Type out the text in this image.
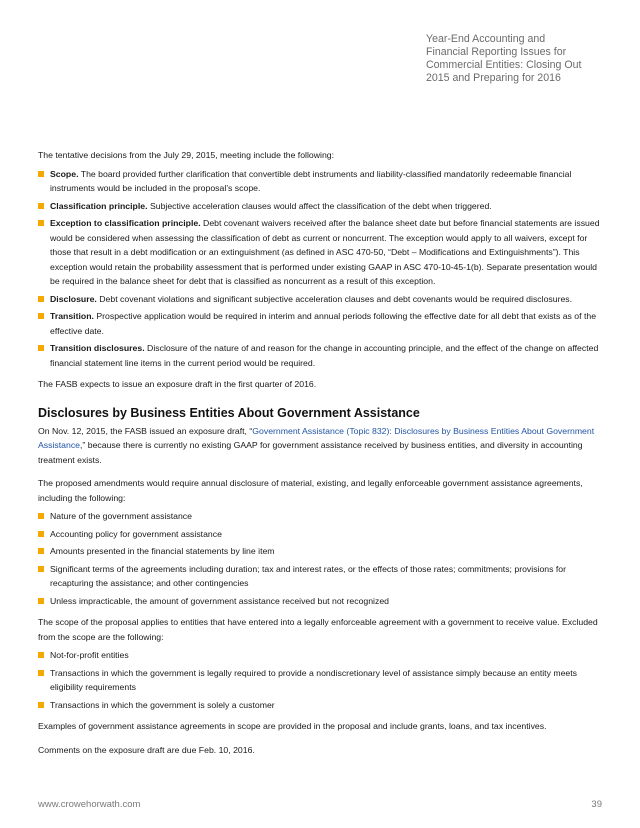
Year-End Accounting and
Financial Reporting Issues for
Commercial Entities: Closing Out
2015 and Preparing for 2016

The tentative decisions from the July 29, 2015, meeting include the following:

Scope. The board provided further clarification that convertible debt instruments and liability-classified mandatorily redeemable financial instruments would be included in the proposal’s scope.
Classification principle. Subjective acceleration clauses would affect the classification of the debt when triggered.
Exception to classification principle. Debt covenant waivers received after the balance sheet date but before financial statements are issued would be considered when assessing the classification of debt as current or noncurrent. The exception would apply to all waivers, except for those that result in a debt modification or an extinguishment (as defined in ASC 470-50, “Debt – Modifications and Extinguishments”). This exception would retain the probability assessment that is performed under existing GAAP in ASC 470-10-45-1(b). Separate presentation would be required in the balance sheet for debt that is classified as noncurrent as a result of this exception.
Disclosure. Debt covenant violations and significant subjective acceleration clauses and debt covenants would be required disclosures.
Transition. Prospective application would be required in interim and annual periods following the effective date for all debt that exists as of the effective date.
Transition disclosures. Disclosure of the nature of and reason for the change in accounting principle, and the effect of the change on affected financial statement line items in the current period would be required.

The FASB expects to issue an exposure draft in the first quarter of 2016.

Disclosures by Business Entities About Government Assistance

On Nov. 12, 2015, the FASB issued an exposure draft, “Government Assistance (Topic 832): Disclosures by Business Entities About Government Assistance,” because there is currently no existing GAAP for government assistance received by business entities, and diversity in accounting treatment exists.

The proposed amendments would require annual disclosure of material, existing, and legally enforceable government assistance agreements, including the following:

Nature of the government assistance
Accounting policy for government assistance
Amounts presented in the financial statements by line item
Significant terms of the agreements including duration; tax and interest rates, or the effects of those rates; commitments; provisions for recapturing the assistance; and other contingencies
Unless impracticable, the amount of government assistance received but not recognized

The scope of the proposal applies to entities that have entered into a legally enforceable agreement with a government to receive value. Excluded from the scope are the following:

Not-for-profit entities
Transactions in which the government is legally required to provide a nondiscretionary level of assistance simply because an entity meets eligibility requirements
Transactions in which the government is solely a customer

Examples of government assistance agreements in scope are provided in the proposal and include grants, loans, and tax incentives.

Comments on the exposure draft are due Feb. 10, 2016.

www.crowehorwath.com	39
